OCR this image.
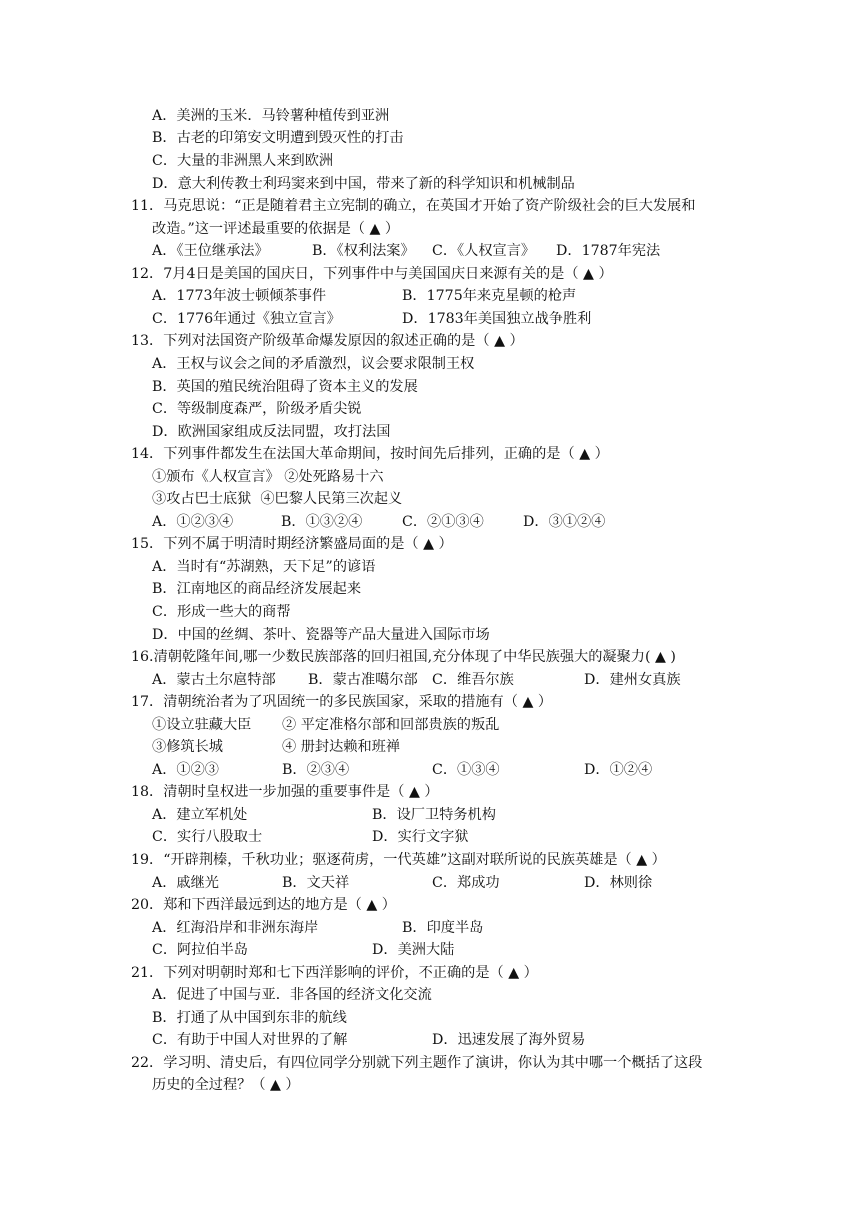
A．美洲的玉米．马铃薯种植传到亚洲
B．古老的印第安文明遭到毁灭性的打击
C．大量的非洲黑人来到欧洲
D．意大利传教士利玛窦来到中国，带来了新的科学知识和机械制品
11．马克思说：“正是随着君主立宪制的确立，在英国才开始了资产阶级社会的巨大发展和
改造。”这一评述最重要的依据是（ ▲ ）
A．《王位继承法》	B．《权利法案》 C．《人权宣言》 D．1787年宪法
12．7月4日是美国的国庆日，下列事件中与美国国庆日来源有关的是（ ▲ ）
A．1773年波士顿倾茶事件	B．1775年来克星顿的枪声
C．1776年通过《独立宣言》	D．1783年美国独立战争胜利
13．下列对法国资产阶级革命爆发原因的叙述正确的是（ ▲ ）
A．王权与议会之间的矛盾激烈，议会要求限制王权
B．英国的殖民统治阻碍了资本主义的发展
C．等级制度森严，阶级矛盾尖锐
D．欧洲国家组成反法同盟，攻打法国
14．下列事件都发生在法国大革命期间，按时间先后排列，正确的是（ ▲ ）
①颁布《人权宣言》 ②处死路易十六
③攻占巴士底狱  ④巴黎人民第三次起义
A．①②③④	B．①③②④	C．②①③④	D．③①②④
15．下列不属于明清时期经济繁盛局面的是（ ▲ ）
A．当时有“苏湖熟，天下足”的谚语
B．江南地区的商品经济发展起来
C．形成一些大的商帮
D．中国的丝绸、茶叶、瓷器等产品大量进入国际市场
16.清朝乾隆年间,哪一少数民族部落的回归祖国,充分体现了中华民族强大的凝聚力( ▲ )
A．蒙古土尔扈特部 B．蒙古准噶尔部 C．维吾尔族	D．建州女真族
17．清朝统治者为了巩固统一的多民族国家，采取的措施有（ ▲ ）
①设立驻藏大臣 ② 平定准格尔部和回部贵族的叛乱
③修筑长城	④ 册封达赖和班禅
A．①②③	B．②③④	C．①③④	D．①②④
18．清朝时皇权进一步加强的重要事件是（ ▲ ）
A．建立军机处	B．设厂卫特务机构
C．实行八股取士	D．实行文字狱
19．“开辟荆榛，千秋功业；驱逐荷虏，一代英雄”这副对联所说的民族英雄是（ ▲ ）
A．戚继光	B．文天祥	C．郑成功	D．林则徐
20．郑和下西洋最远到达的地方是（ ▲ ）
A．红海沿岸和非洲东海岸	B．印度半岛
C．阿拉伯半岛	D．美洲大陆
21．下列对明朝时郑和七下西洋影响的评价，不正确的是（ ▲ ）
A．促进了中国与亚．非各国的经济文化交流
B．打通了从中国到东非的航线
C．有助于中国人对世界的了解	D．迅速发展了海外贸易
22．学习明、清史后，有四位同学分别就下列主题作了演讲，你认为其中哪一个概括了这段
历史的全过程？（ ▲ ）
